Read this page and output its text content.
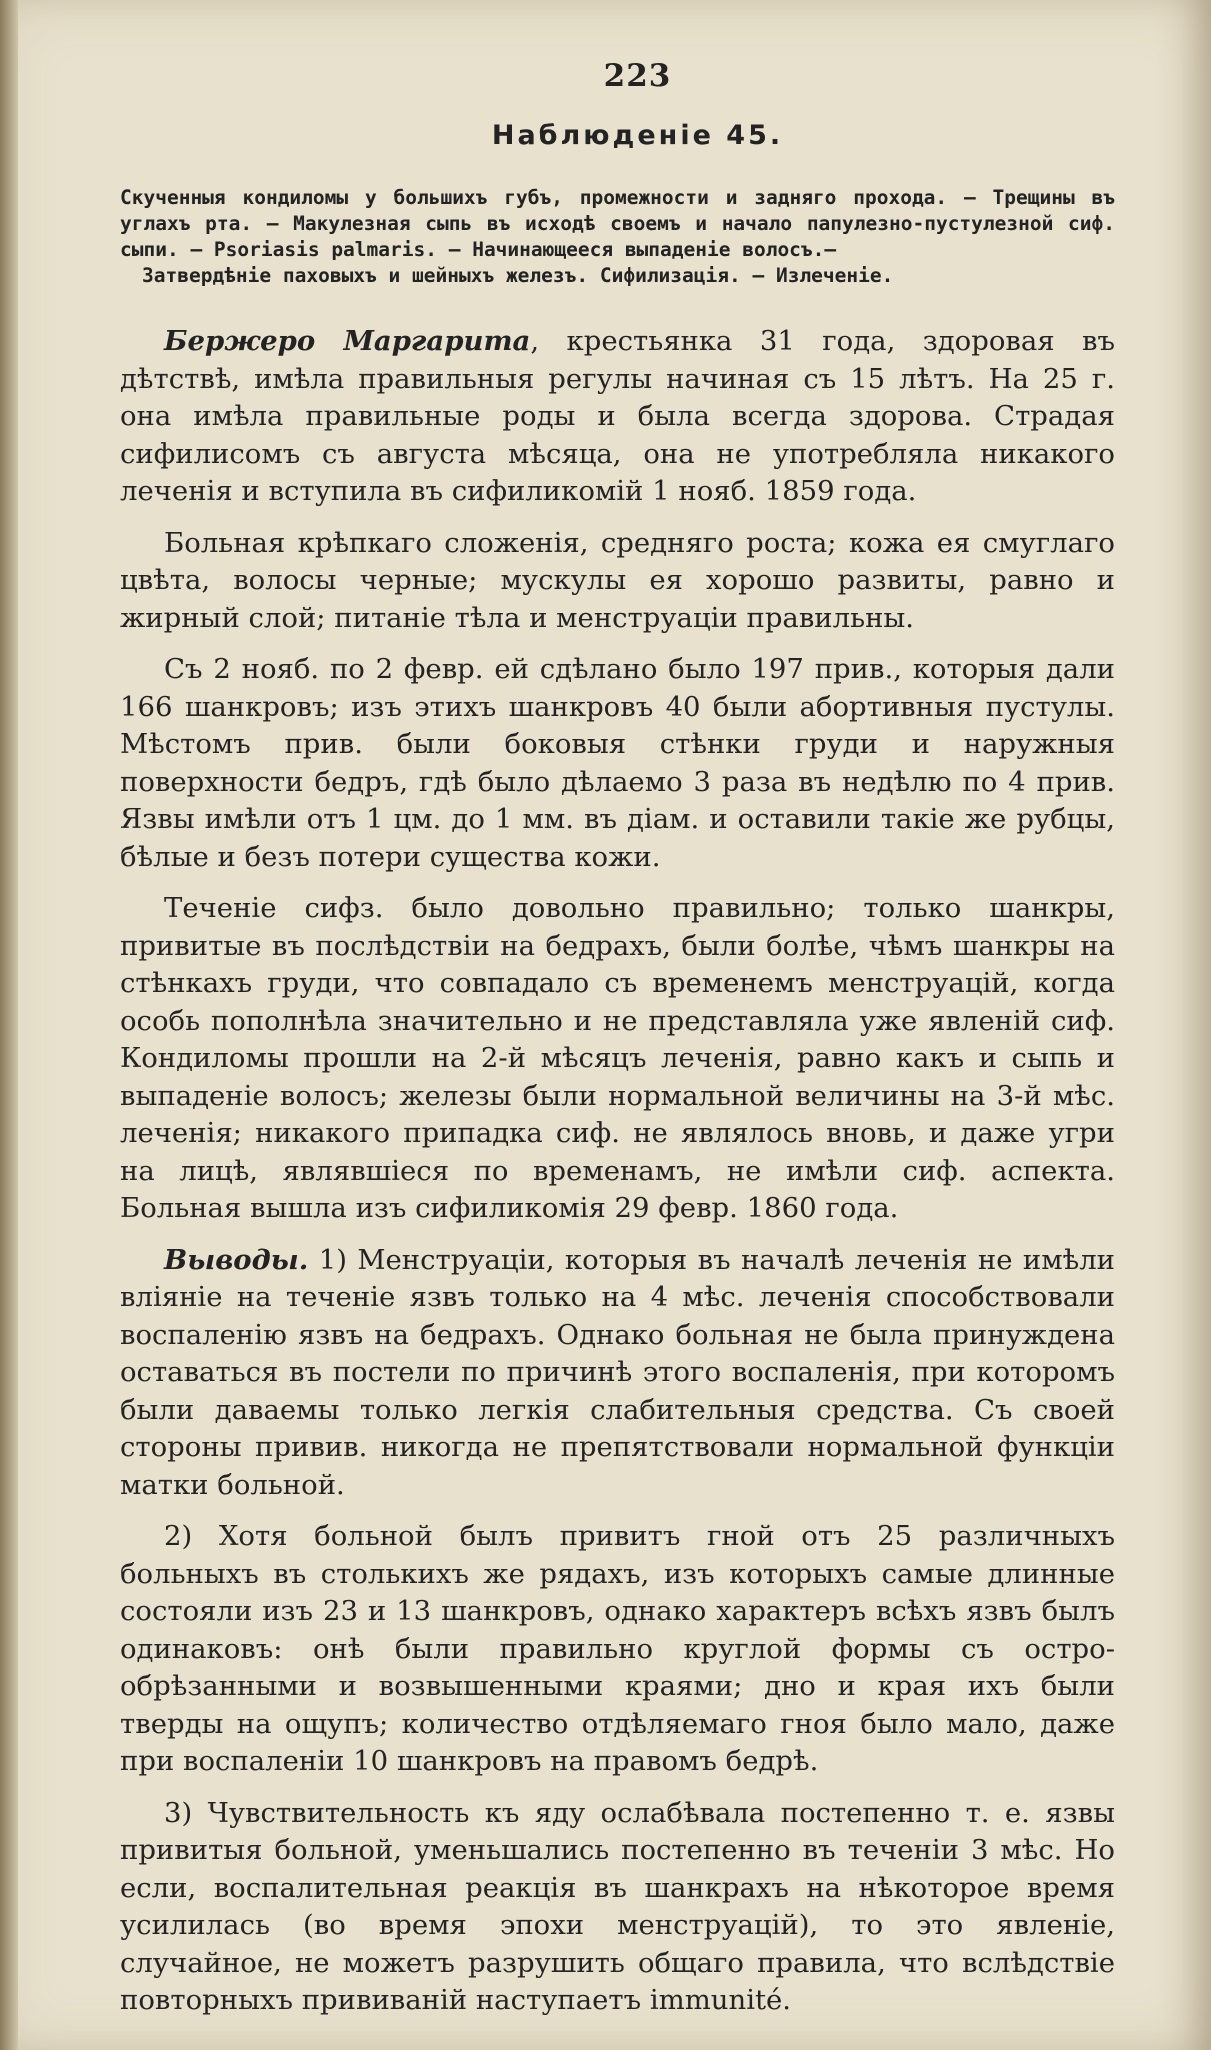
223
Наблюденіе 45.
Скученныя кондиломы у большихъ губъ, промежности и задняго прохода. — Трещины въ углахъ рта. — Макулезная сыпь въ исходѣ своемъ и начало папулезно-пустулезной сиф. сыпи. — Psoriasis palmaris. — Начинающееся выпаденіе волосъ.—
Затвердѣніе паховыхъ и шейныхъ железъ. Сифилизація. — Излеченіе.

Бержеро Маргарита, крестьянка 31 года, здоровая въ дѣтствѣ, имѣла правильныя регулы начиная съ 15 лѣтъ. На 25 г. она имѣла правильные роды и была всегда здорова. Страдая сифилисомъ съ августа мѣсяца, она не употребляла никакого леченія и вступила въ сифиликомій 1 нояб. 1859 года.

Больная крѣпкаго сложенія, средняго роста; кожа ея смуглаго цвѣта, волосы черные; мускулы ея хорошо развиты, равно и жирный слой; питаніе тѣла и менструаціи правильны.

Съ 2 нояб. по 2 февр. ей сдѣлано было 197 прив., которыя дали 166 шанкровъ; изъ этихъ шанкровъ 40 были абортивныя пустулы. Мѣстомъ прив. были боковыя стѣнки груди и наружныя поверхности бедръ, гдѣ было дѣлаемо 3 раза въ недѣлю по 4 прив. Язвы имѣли отъ 1 цм. до 1 мм. въ діам. и оставили такіе же рубцы, бѣлые и безъ потери существа кожи.

Теченіе сифз. было довольно правильно; только шанкры, привитые въ послѣдствіи на бедрахъ, были болѣе, чѣмъ шанкры на стѣнкахъ груди, что совпадало съ временемъ менструацій, когда особь пополнѣла значительно и не представляла уже явленій сиф. Кондиломы прошли на 2-й мѣсяцъ леченія, равно какъ и сыпь и выпаденіе волосъ; железы были нормальной величины на 3-й мѣс. леченія; никакого припадка сиф. не являлось вновь, и даже угри на лицѣ, являвшіеся по временамъ, не имѣли сиф. аспекта. Больная вышла изъ сифиликомія 29 февр. 1860 года.

Выводы. 1) Менструаціи, которыя въ началѣ леченія не имѣли вліяніе на теченіе язвъ только на 4 мѣс. леченія способствовали воспаленію язвъ на бедрахъ. Однако больная не была принуждена оставаться въ постели по причинѣ этого воспаленія, при которомъ были даваемы только легкія слабительныя средства. Съ своей стороны привив. никогда не препятствовали нормальной функціи матки больной.

2) Хотя больной былъ привитъ гной отъ 25 различныхъ больныхъ въ столькихъ же рядахъ, изъ которыхъ самые длинные состояли изъ 23 и 13 шанкровъ, однако характеръ всѣхъ язвъ былъ одинаковъ: онѣ были правильно круглой формы съ остро-обрѣзанными и возвышенными краями; дно и края ихъ были тверды на ощупъ; количество отдѣляемаго гноя было мало, даже при воспаленіи 10 шанкровъ на правомъ бедрѣ.

3) Чувствительность къ яду ослабѣвала постепенно т. е. язвы привитыя больной, уменьшались постепенно въ теченіи 3 мѣс. Но если, воспалительная реакція въ шанкрахъ на нѣкоторое время усилилась (во время эпохи менструацій), то это явленіе, случайное, не можетъ разрушить общаго правила, что вслѣдствіе повторныхъ прививаній наступаетъ immunité.
